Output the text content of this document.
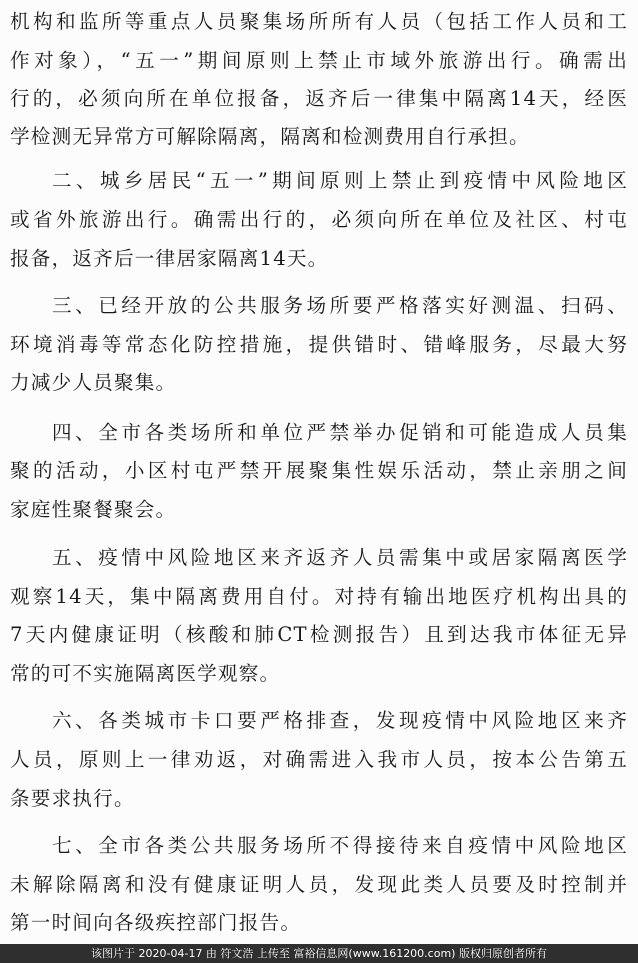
机构和监所等重点人员聚集场所所有人员（包括工作人员和工
作对象），“五一”期间原则上禁止市域外旅游出行。确需出
行的，必须向所在单位报备，返齐后一律集中隔离14天，经医
学检测无异常方可解除隔离，隔离和检测费用自行承担。
二、城乡居民“五一”期间原则上禁止到疫情中风险地区
或省外旅游出行。确需出行的，必须向所在单位及社区、村屯
报备，返齐后一律居家隔离14天。
三、已经开放的公共服务场所要严格落实好测温、扫码、
环境消毒等常态化防控措施，提供错时、错峰服务，尽最大努
力减少人员聚集。
四、全市各类场所和单位严禁举办促销和可能造成人员集
聚的活动，小区村屯严禁开展聚集性娱乐活动，禁止亲朋之间
家庭性聚餐聚会。
五、疫情中风险地区来齐返齐人员需集中或居家隔离医学
观察14天，集中隔离费用自付。对持有输出地医疗机构出具的
7天内健康证明（核酸和肺CT检测报告）且到达我市体征无异
常的可不实施隔离医学观察。
六、各类城市卡口要严格排查，发现疫情中风险地区来齐
人员，原则上一律劝返，对确需进入我市人员，按本公告第五
条要求执行。
七、全市各类公共服务场所不得接待来自疫情中风险地区
未解除隔离和没有健康证明人员，发现此类人员要及时控制并
第一时间向各级疾控部门报告。
该图片于 2020-04-17 由 符文浩 上传至 富裕信息网(www.161200.com) 版权归原创者所有
